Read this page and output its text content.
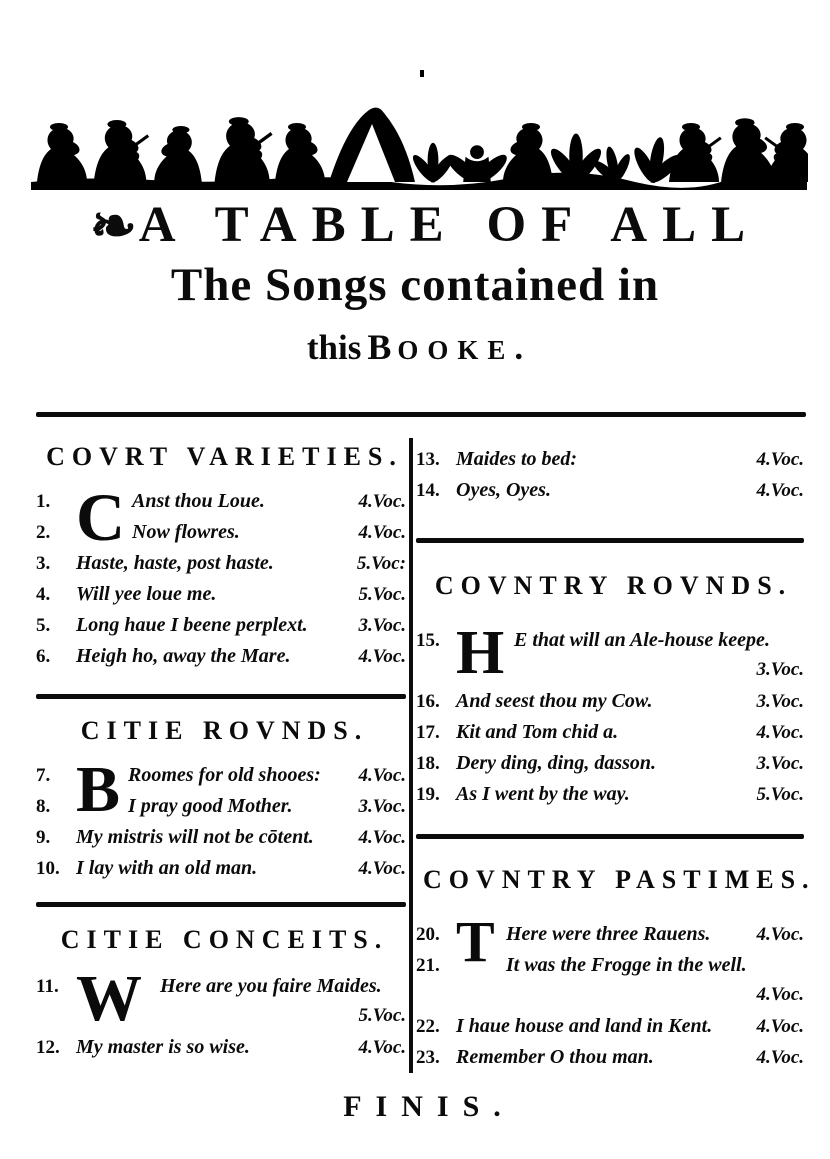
❧A TABLE OF ALL
The Songs contained in
this BOOKE.
COVRT VARIETIES.
C
1.	Anst thou Loue.	4.Voc.
2.	Now flowres.	4.Voc.
3.	Haste, haste, post haste.	5.Voc:
4.	Will yee loue me.	5.Voc.
5.	Long haue I beene perplext.	3.Voc.
6.	Heigh ho, away the Mare.	4.Voc.
CITIE ROVNDS.
B
7.	Roomes for old shooes:	4.Voc.
8.	I pray good Mother.	3.Voc.
9.	My mistris will not be cōtent.	4.Voc.
10. I lay with an old man.	4.Voc.
CITIE CONCEITS.
W
11.	Here are you faire Maides.
5.Voc.
12. My master is so wise.	4.Voc.
13. Maides to bed:	4.Voc.
14. Oyes, Oyes.	4.Voc.
COVNTRY ROVNDS.
H
15.	E that will an Ale-house keepe.
3.Voc.
16. And seest thou my Cow.	3.Voc.
17. Kit and Tom chid a.	4.Voc.
18. Dery ding, ding, dasson.	3.Voc.
19. As I went by the way.	5.Voc.
COVNTRY PASTIMES.
T
20.	Here were three Rauens.	4.Voc.
21.	It was the Frogge in the well.
4.Voc.
22. I haue house and land in Kent.	4.Voc.
23. Remember O thou man.	4.Voc.
FINIS.
